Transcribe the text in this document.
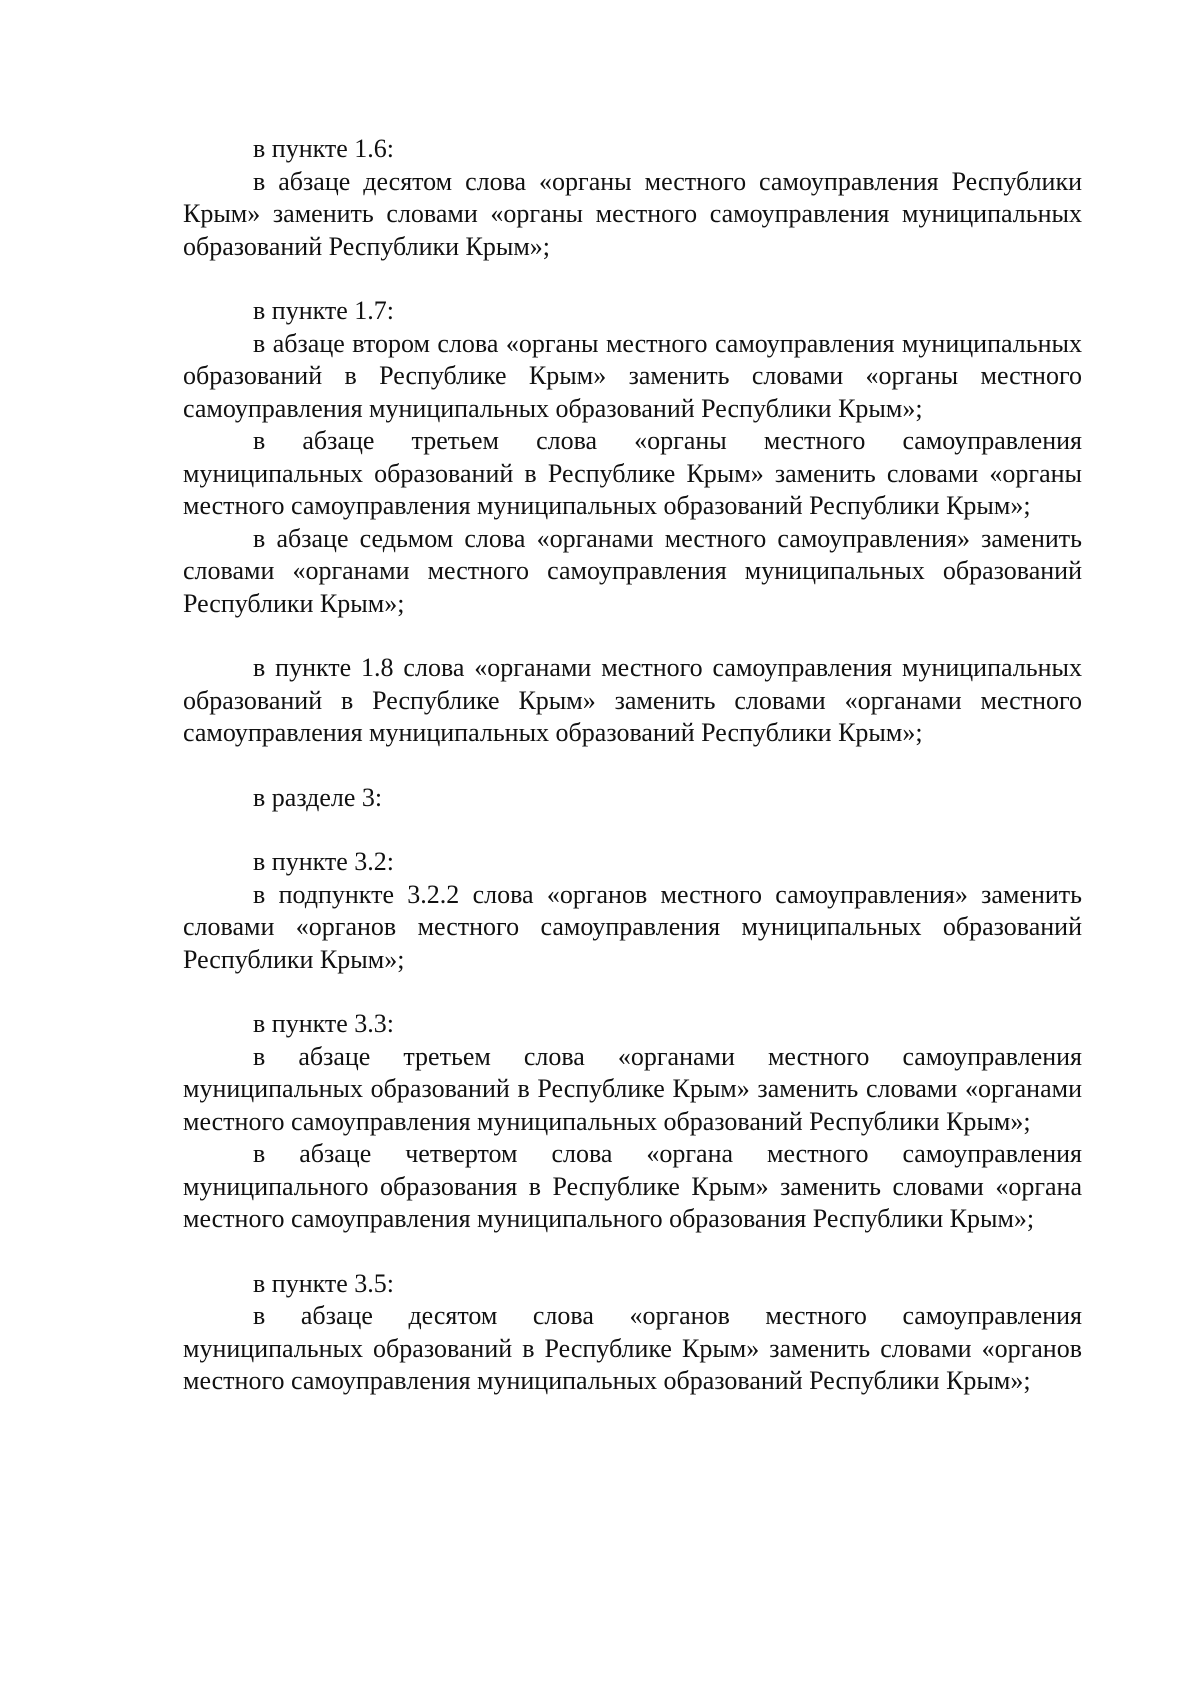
в пункте 1.6:

в абзаце десятом слова «органы местного самоуправления Республики Крым» заменить словами «органы местного самоуправления муниципальных образований Республики Крым»;

в пункте 1.7:

в абзаце втором слова «органы местного самоуправления муниципальных образований в Республике Крым» заменить словами «органы местного самоуправления муниципальных образований Республики Крым»;

в абзаце третьем слова «органы местного самоуправления муниципальных образований в Республике Крым» заменить словами «органы местного самоуправления муниципальных образований Республики Крым»;

в абзаце седьмом слова «органами местного самоуправления» заменить словами «органами местного самоуправления муниципальных образований Республики Крым»;

в пункте 1.8 слова «органами местного самоуправления муниципальных образований в Республике Крым» заменить словами «органами местного самоуправления муниципальных образований Республики Крым»;

в разделе 3:

в пункте 3.2:

в подпункте 3.2.2 слова «органов местного самоуправления» заменить словами «органов местного самоуправления муниципальных образований Республики Крым»;

в пункте 3.3:

в абзаце третьем слова «органами местного самоуправления муниципальных образований в Республике Крым» заменить словами «органами местного самоуправления муниципальных образований Республики Крым»;

в абзаце четвертом слова «органа местного самоуправления муниципального образования в Республике Крым» заменить словами «органа местного самоуправления муниципального образования Республики Крым»;

в пункте 3.5:

в абзаце десятом слова «органов местного самоуправления муниципальных образований в Республике Крым» заменить словами «органов местного самоуправления муниципальных образований Республики Крым»;
